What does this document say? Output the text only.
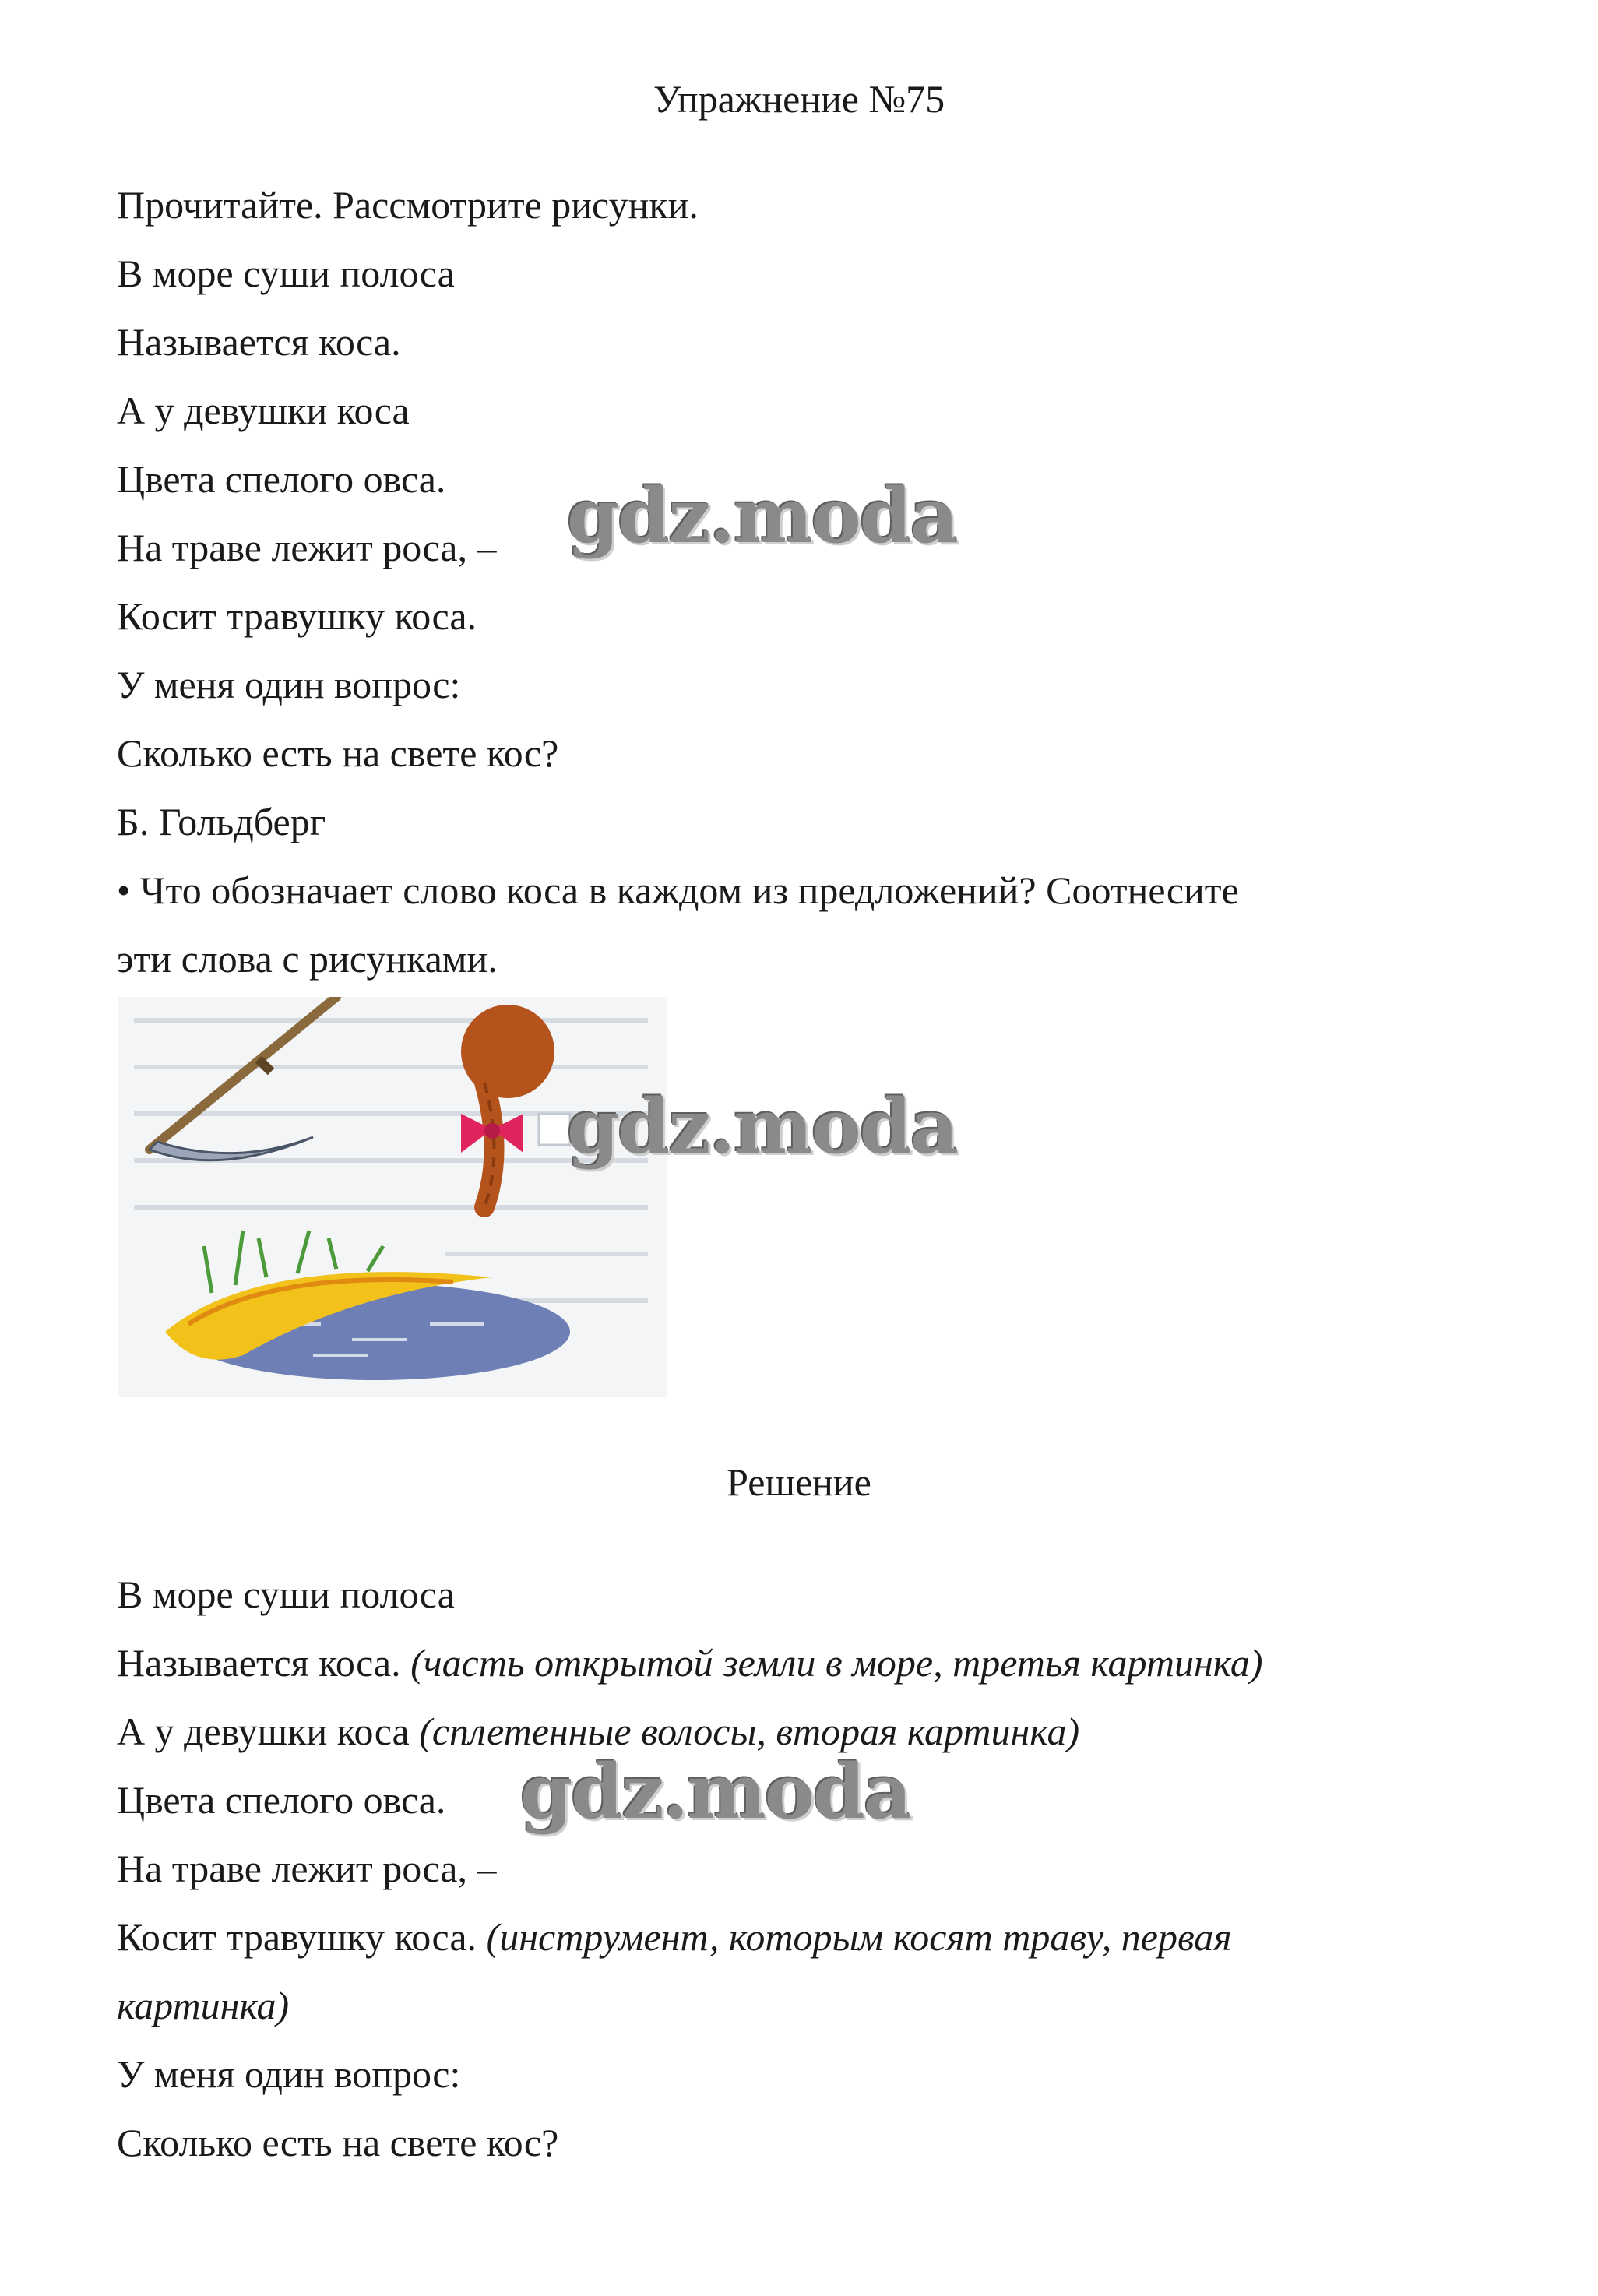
Упражнение №75
Прочитайте. Рассмотрите рисунки.
В море суши полоса
Называется коса.
А у девушки коса
Цвета спелого овса.
На траве лежит роса, –
Косит травушку коса.
У меня один вопрос:
Сколько есть на свете кос?
Б. Гольдберг
• Что обозначает слово коса в каждом из предложений? Соотнесите
эти слова с рисунками.
gdz.moda
gdz.moda
Решение
В море суши полоса
Называется коса. (часть открытой земли в море, третья картинка)
А у девушки коса (сплетенные волосы, вторая картинка)
Цвета спелого овса.
На траве лежит роса, –
Косит травушку коса. (инструмент, которым косят траву, первая
картинка)
У меня один вопрос:
Сколько есть на свете кос?
gdz.moda
